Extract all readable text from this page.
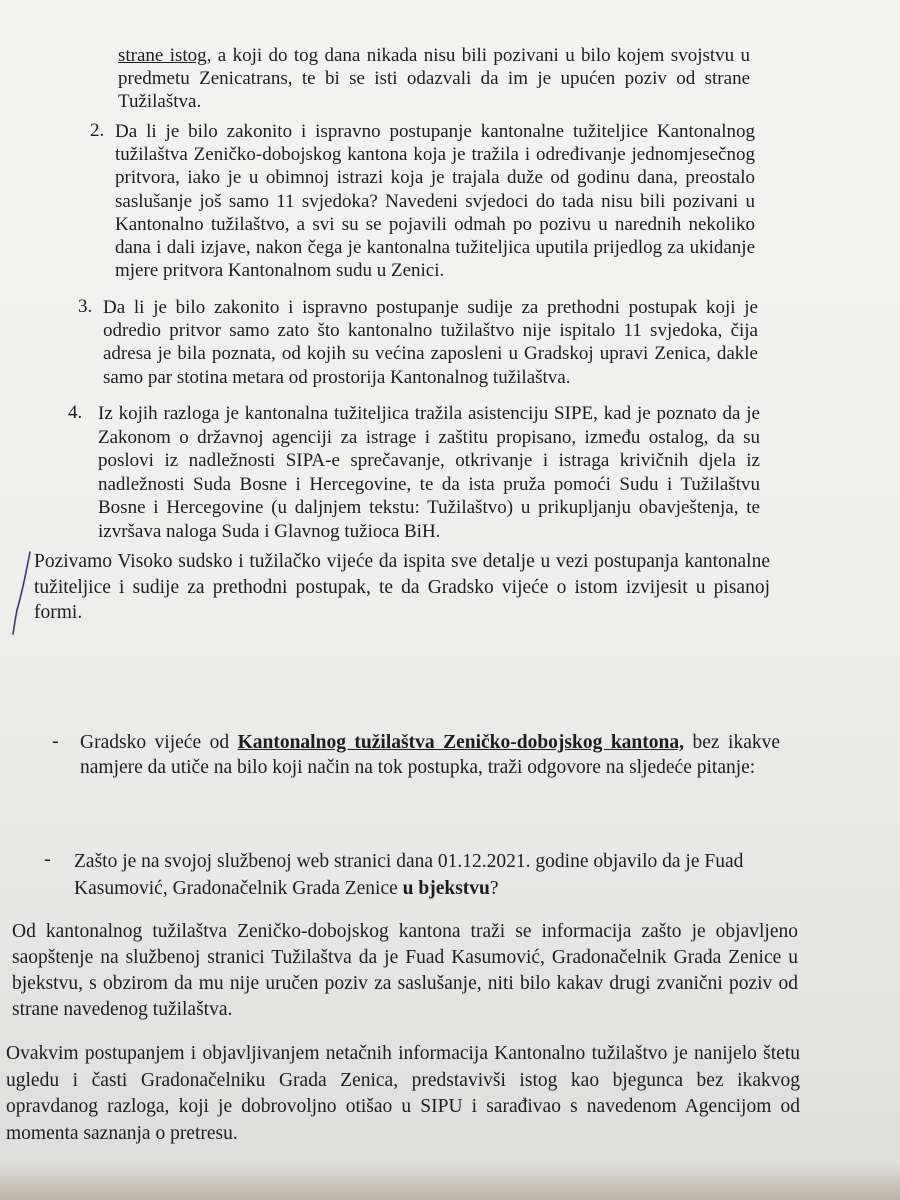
strane istog, a koji do tog dana nikada nisu bili pozivani u bilo kojem svojstvu u predmetu Zenicatrans, te bi se isti odazvali da im je upućen poziv od strane Tužilaštva.

2. Da li je bilo zakonito i ispravno postupanje kantonalne tužiteljice Kantonalnog tužilaštva Zeničko-dobojskog kantona koja je tražila i određivanje jednomjesečnog pritvora, iako je u obimnoj istrazi koja je trajala duže od godinu dana, preostalo saslušanje još samo 11 svjedoka? Navedeni svjedoci do tada nisu bili pozivani u Kantonalno tužilaštvo, a svi su se pojavili odmah po pozivu u narednih nekoliko dana i dali izjave, nakon čega je kantonalna tužiteljica uputila prijedlog za ukidanje mjere pritvora Kantonalnom sudu u Zenici.

3. Da li je bilo zakonito i ispravno postupanje sudije za prethodni postupak koji je odredio pritvor samo zato što kantonalno tužilaštvo nije ispitalo 11 svjedoka, čija adresa je bila poznata, od kojih su većina zaposleni u Gradskoj upravi Zenica, dakle samo par stotina metara od prostorija Kantonalnog tužilaštva.

4. Iz kojih razloga je kantonalna tužiteljica tražila asistenciju SIPE, kad je poznato da je Zakonom o državnoj agenciji za istrage i zaštitu propisano, između ostalog, da su poslovi iz nadležnosti SIPA-e sprečavanje, otkrivanje i istraga krivičnih djela iz nadležnosti Suda Bosne i Hercegovine, te da ista pruža pomoći Sudu i Tužilaštvu Bosne i Hercegovine (u daljnjem tekstu: Tužilaštvo) u prikupljanju obavještenja, te izvršava naloga Suda i Glavnog tužioca BiH.

Pozivamo Visoko sudsko i tužilačko vijeće da ispita sve detalje u vezi postupanja kantonalne tužiteljice i sudije za prethodni postupak, te da Gradsko vijeće o istom izvijesit u pisanoj formi.

- Gradsko vijeće od Kantonalnog tužilaštva Zeničko-dobojskog kantona, bez ikakve namjere da utiče na bilo koji način na tok postupka, traži odgovore na sljedeće pitanje:

- Zašto je na svojoj službenoj web stranici dana 01.12.2021. godine objavilo da je Fuad Kasumović, Gradonačelnik Grada Zenice u bjekstvu?

Od kantonalnog tužilaštva Zeničko-dobojskog kantona traži se informacija zašto je objavljeno saopštenje na službenoj stranici Tužilaštva da je Fuad Kasumović, Gradonačelnik Grada Zenice u bjekstvu, s obzirom da mu nije uručen poziv za saslušanje, niti bilo kakav drugi zvanični poziv od strane navedenog tužilaštva.

Ovakvim postupanjem i objavljivanjem netačnih informacija Kantonalno tužilaštvo je nanijelo štetu ugledu i časti Gradonačelniku Grada Zenica, predstavivši istog kao bjegunca bez ikakvog opravdanog razloga, koji je dobrovoljno otišao u SIPU i sarađivao s navedenom Agencijom od momenta saznanja o pretresu.
